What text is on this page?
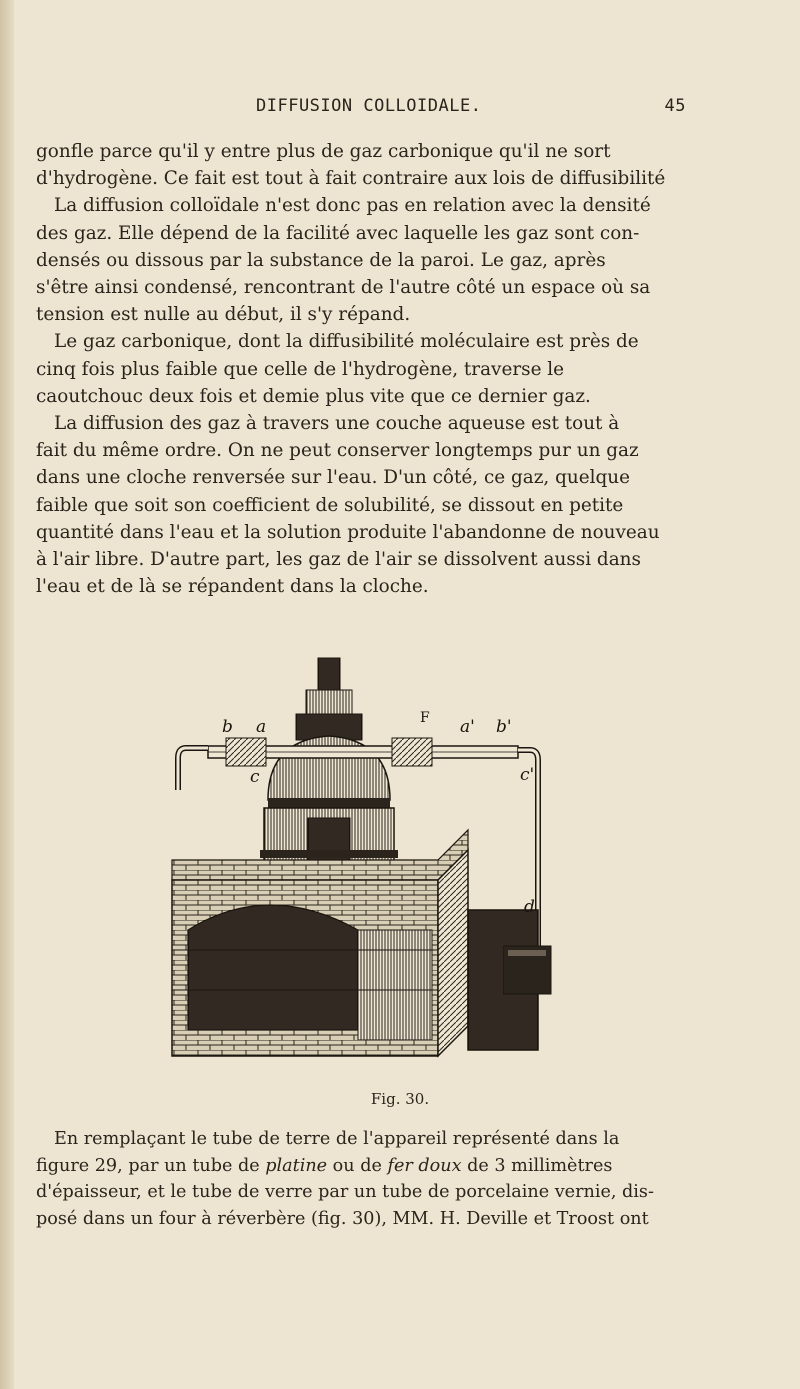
DIFFUSION COLLOIDALE.	45
gonfle parce qu'il y entre plus de gaz carbonique qu'il ne sort
d'hydrogène. Ce fait est tout à fait contraire aux lois de diffusibilité
La diffusion colloïdale n'est donc pas en relation avec la densité
des gaz. Elle dépend de la facilité avec laquelle les gaz sont con-
densés ou dissous par la substance de la paroi. Le gaz, après
s'être ainsi condensé, rencontrant de l'autre côté un espace où sa
tension est nulle au début, il s'y répand.
Le gaz carbonique, dont la diffusibilité moléculaire est près de
cinq fois plus faible que celle de l'hydrogène, traverse le
caoutchouc deux fois et demie plus vite que ce dernier gaz.
La diffusion des gaz à travers une couche aqueuse est tout à
fait du même ordre. On ne peut conserver longtemps pur un gaz
dans une cloche renversée sur l'eau. D'un côté, ce gaz, quelque
faible que soit son coefficient de solubilité, se dissout en petite
quantité dans l'eau et la solution produite l'abandonne de nouveau
à l'air libre. D'autre part, les gaz de l'air se dissolvent aussi dans
l'eau et de là se répandent dans la cloche.
F
b a
c
a' b'
c'
d
Fig. 30.
En remplaçant le tube de terre de l'appareil représenté dans la
figure 29, par un tube de platine ou de fer doux de 3 millimètres
d'épaisseur, et le tube de verre par un tube de porcelaine vernie, dis-
posé dans un four à réverbère (fig. 30), MM. H. Deville et Troost ont
